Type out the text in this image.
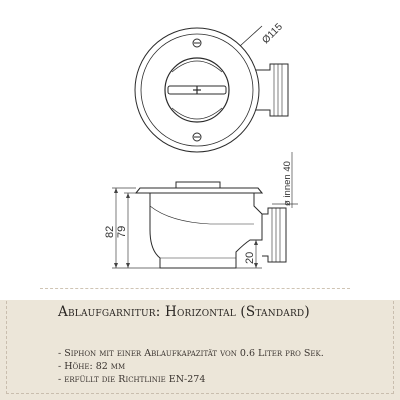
Ø115
82 79
ø innen 40
20
Ablaufgarnitur: Horizontal (Standard)
- Siphon mit einer Ablaufkapazität von 0.6 Liter pro Sek.
- Höhe: 82 mm
- erfüllt die Richtlinie EN-274
